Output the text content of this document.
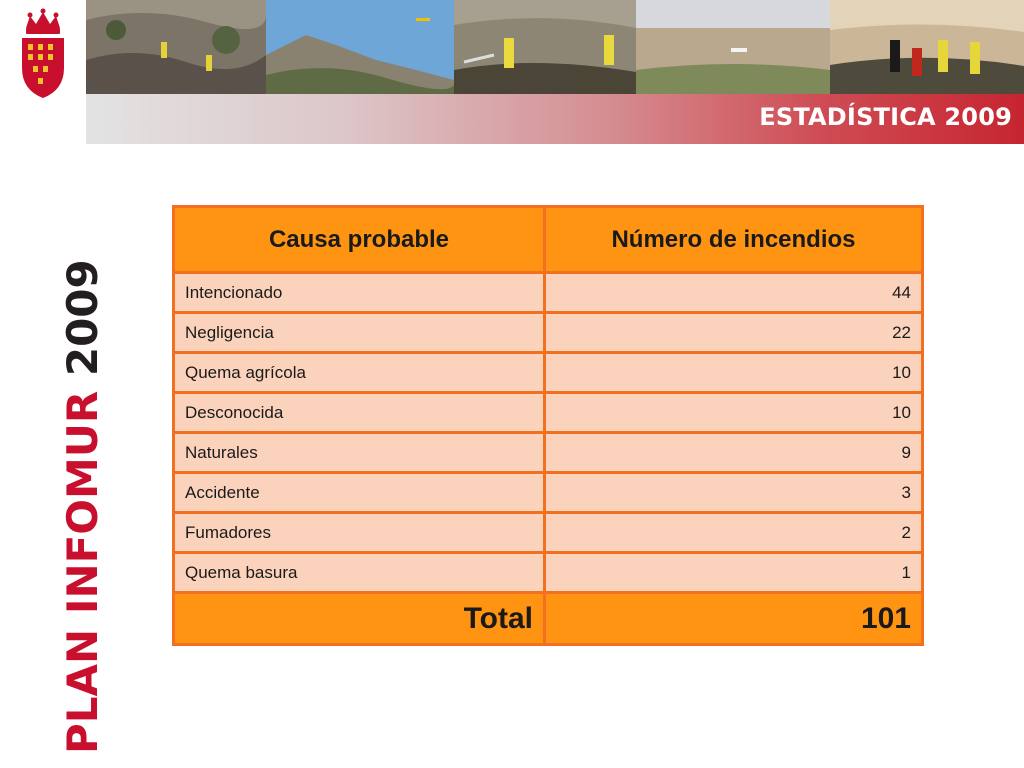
ESTADÍSTICA 2009
PLAN INFOMUR 2009
Causa probable	Número de incendios
Intencionado	44
Negligencia	22
Quema agrícola	10
Desconocida	10
Naturales	9
Accidente	3
Fumadores	2
Quema basura	1
Total	101
